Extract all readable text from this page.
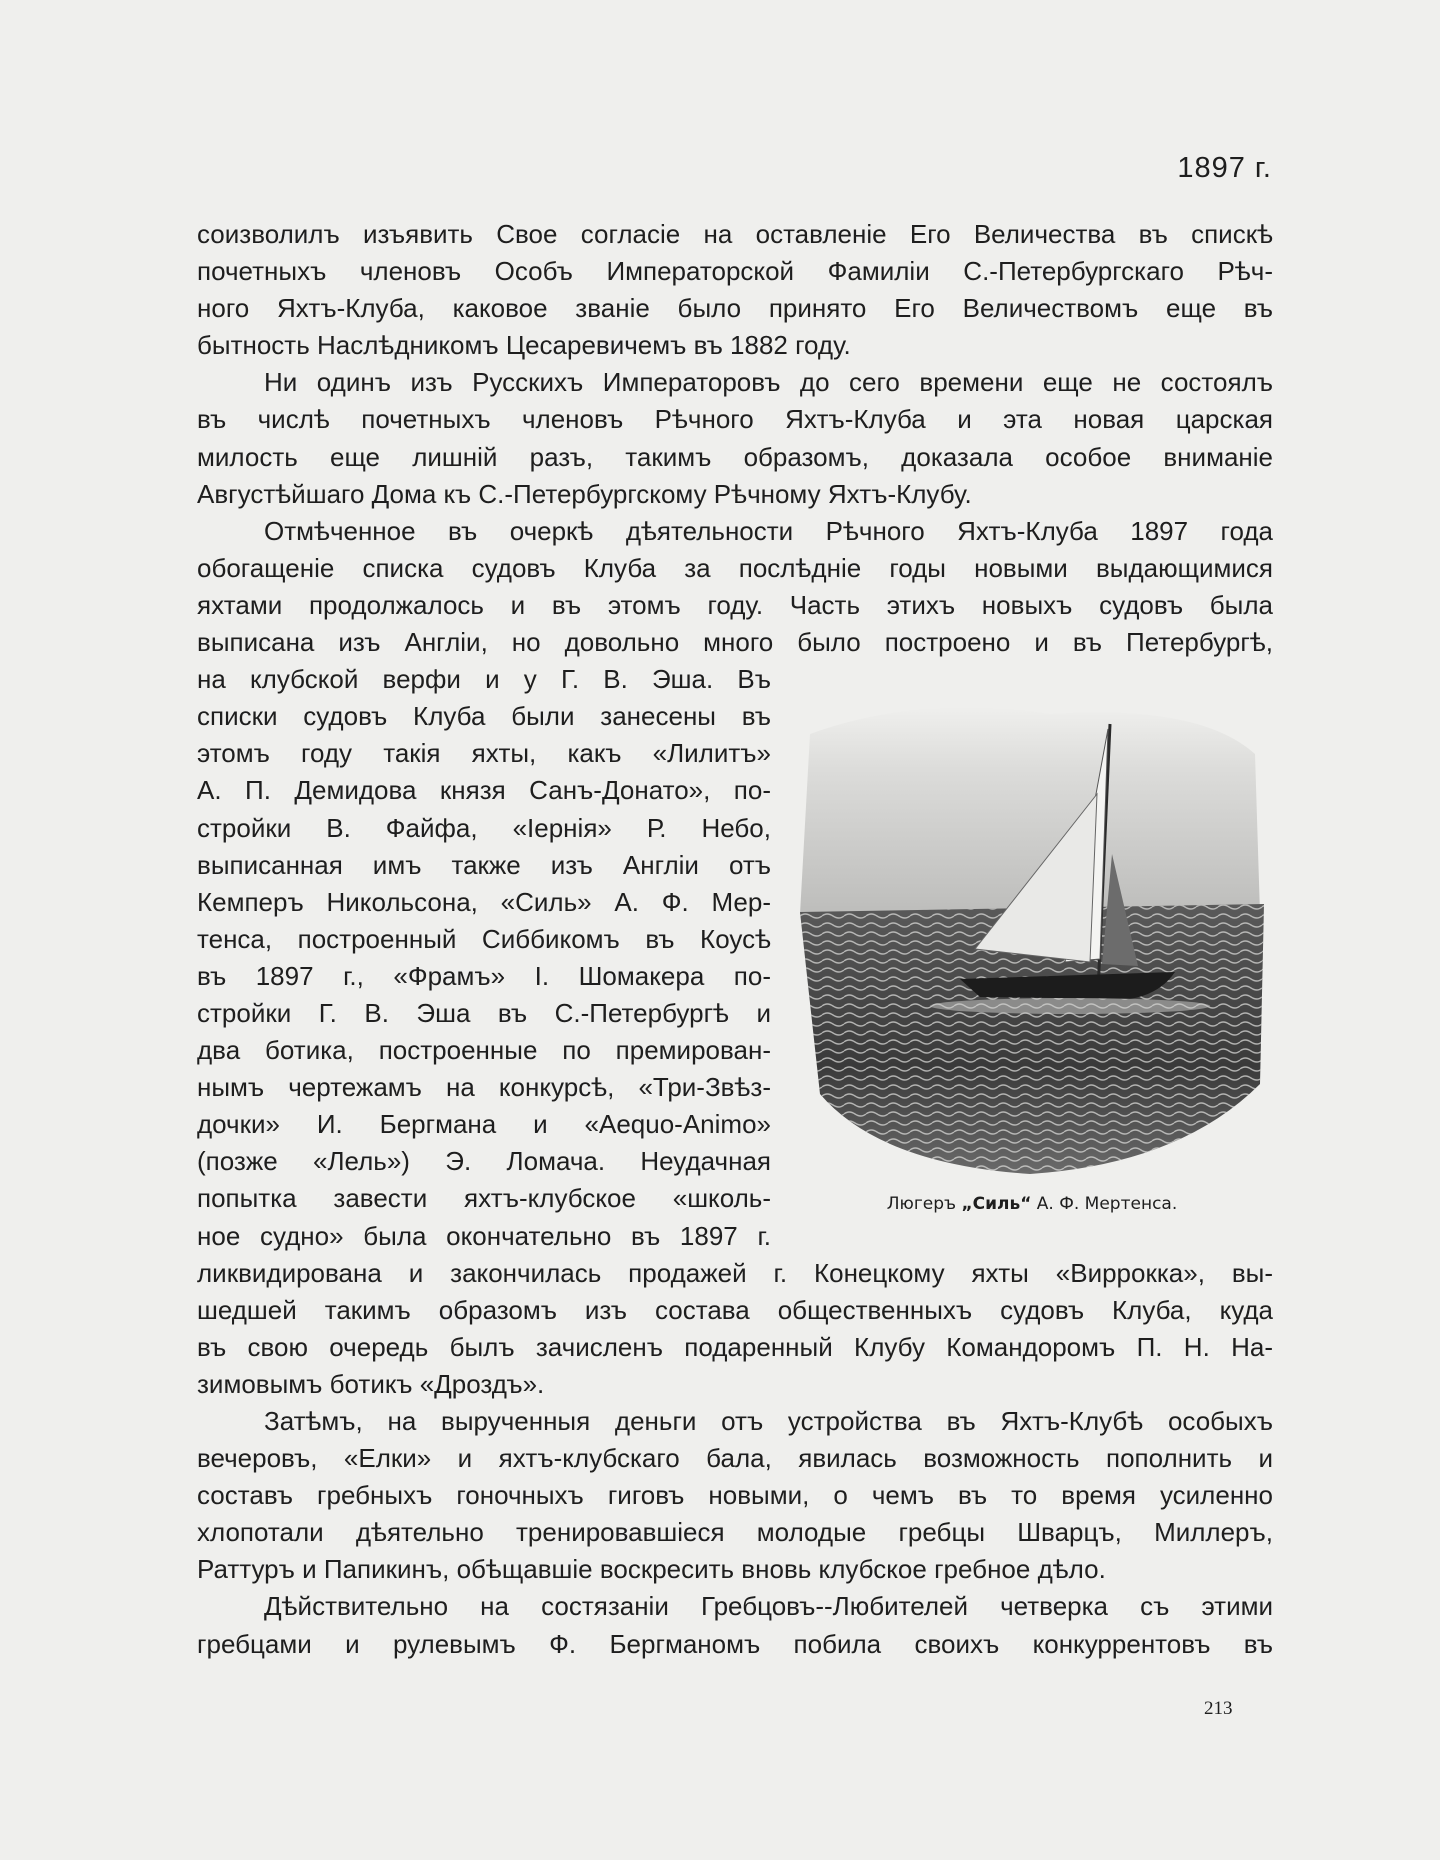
1897 г.
соизволилъ изъявить Свое согласіе на оставленіе Его Величества въ спискѣ
почетныхъ членовъ Особъ Императорской Фамиліи С.-Петербургскаго Рѣч-
ного Яхтъ-Клуба, каковое званіе было принято Его Величествомъ еще въ
бытность Наслѣдникомъ Цесаревичемъ въ 1882 году.
Ни одинъ изъ Русскихъ Императоровъ до сего времени еще не состоялъ
въ числѣ почетныхъ членовъ Рѣчного Яхтъ-Клуба и эта новая царская
милость еще лишній разъ, такимъ образомъ, доказала особое вниманіе
Августѣйшаго Дома къ С.-Петербургскому Рѣчному Яхтъ-Клубу.
Отмѣченное въ очеркѣ дѣятельности Рѣчного Яхтъ-Клуба 1897 года
обогащеніе списка судовъ Клуба за послѣдніе годы новыми выдающимися
яхтами продолжалось и въ этомъ году. Часть этихъ новыхъ судовъ была
выписана изъ Англіи, но довольно много было построено и въ Петербургѣ,
на клубской верфи и у Г. В. Эша. Въ
списки судовъ Клуба были занесены въ
этомъ году такія яхты, какъ «Лилитъ»
А. П. Демидова князя Санъ-Донато», по-
стройки В. Файфа, «Іернія» Р. Небо,
выписанная имъ также изъ Англіи отъ
Кемперъ Никольсона, «Силь» А. Ф. Мер-
тенса, построенный Сиббикомъ въ Коусѣ
въ 1897 г., «Фрамъ» І. Шомакера по-
стройки Г. В. Эша въ С.-Петербургѣ и
два ботика, построенные по премирован-
нымъ чертежамъ на конкурсѣ, «Три-Звѣз-
дочки» И. Бергмана и «Aequo-Animo»
(позже «Лель») Э. Ломача. Неудачная
попытка завести яхтъ-клубское «школь-
ное судно» была окончательно въ 1897 г.
ликвидирована и закончилась продажей г. Конецкому яхты «Виррокка», вы-
шедшей такимъ образомъ изъ состава общественныхъ судовъ Клуба, куда
въ свою очередь былъ зачисленъ подаренный Клубу Командоромъ П. Н. На-
зимовымъ ботикъ «Дроздъ».
Затѣмъ, на вырученныя деньги отъ устройства въ Яхтъ-Клубѣ особыхъ
вечеровъ, «Елки» и яхтъ-клубскаго бала, явилась возможность пополнить и
составъ гребныхъ гоночныхъ гиговъ новыми, о чемъ въ то время усиленно
хлопотали дѣятельно тренировавшіеся молодые гребцы Шварцъ, Миллеръ,
Раттуръ и Папикинъ, обѣщавшіе воскресить вновь клубское гребное дѣло.
Дѣйствительно на состязаніи Гребцовъ--Любителей четверка съ этими
гребцами и рулевымъ Ф. Бергманомъ побила своихъ конкуррентовъ въ
Люгеръ „Силь“ А. Ф. Мертенса.
213
